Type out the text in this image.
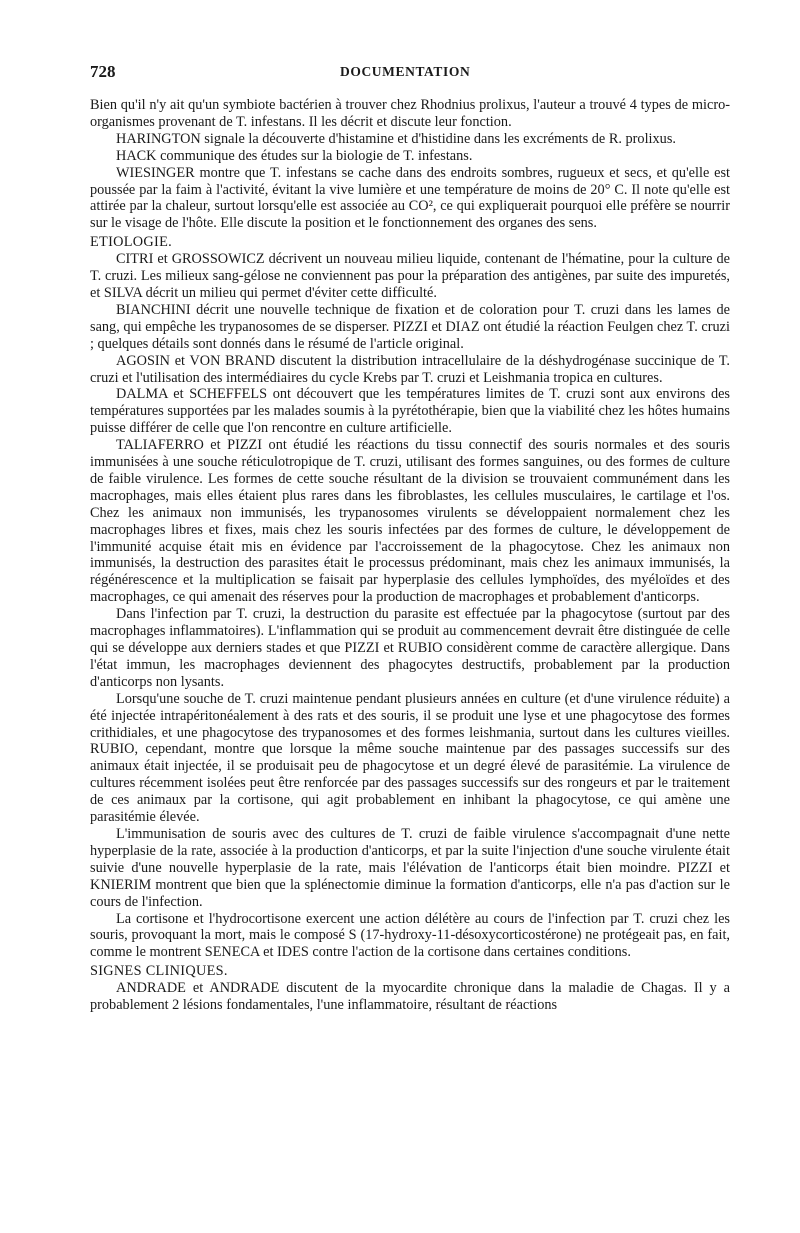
728	DOCUMENTATION

Bien qu'il n'y ait qu'un symbiote bactérien à trouver chez Rhodnius prolixus, l'auteur a trouvé 4 types de micro-organismes provenant de T. infestans. Il les décrit et discute leur fonction.

HARINGTON signale la découverte d'histamine et d'histidine dans les excréments de R. prolixus.

HACK communique des études sur la biologie de T. infestans.

WIESINGER montre que T. infestans se cache dans des endroits sombres, rugueux et secs, et qu'elle est poussée par la faim à l'activité, évitant la vive lumière et une température de moins de 20° C. Il note qu'elle est attirée par la chaleur, surtout lorsqu'elle est associée au CO², ce qui expliquerait pourquoi elle préfère se nourrir sur le visage de l'hôte. Elle discute la position et le fonctionnement des organes des sens.

ETIOLOGIE.

CITRI et GROSSOWICZ décrivent un nouveau milieu liquide, contenant de l'hématine, pour la culture de T. cruzi. Les milieux sang-gélose ne conviennent pas pour la préparation des antigènes, par suite des impuretés, et SILVA décrit un milieu qui permet d'éviter cette difficulté.

BIANCHINI décrit une nouvelle technique de fixation et de coloration pour T. cruzi dans les lames de sang, qui empêche les trypanosomes de se disperser. PIZZI et DIAZ ont étudié la réaction Feulgen chez T. cruzi ; quelques détails sont donnés dans le résumé de l'article original.

AGOSIN et VON BRAND discutent la distribution intracellulaire de la déshydrogénase succinique de T. cruzi et l'utilisation des intermédiaires du cycle Krebs par T. cruzi et Leishmania tropica en cultures.

DALMA et SCHEFFELS ont découvert que les températures limites de T. cruzi sont aux environs des températures supportées par les malades soumis à la pyrétothérapie, bien que la viabilité chez les hôtes humains puisse différer de celle que l'on rencontre en culture artificielle.

TALIAFERRO et PIZZI ont étudié les réactions du tissu connectif des souris normales et des souris immunisées à une souche réticulotropique de T. cruzi, utilisant des formes sanguines, ou des formes de culture de faible virulence. Les formes de cette souche résultant de la division se trouvaient communément dans les macrophages, mais elles étaient plus rares dans les fibroblastes, les cellules musculaires, le cartilage et l'os. Chez les animaux non immunisés, les trypanosomes virulents se développaient normalement chez les macrophages libres et fixes, mais chez les souris infectées par des formes de culture, le développement de l'immunité acquise était mis en évidence par l'accroissement de la phagocytose. Chez les animaux non immunisés, la destruction des parasites était le processus prédominant, mais chez les animaux immunisés, la régénérescence et la multiplication se faisait par hyperplasie des cellules lymphoïdes, des myéloïdes et des macrophages, ce qui amenait des réserves pour la production de macrophages et probablement d'anticorps.

Dans l'infection par T. cruzi, la destruction du parasite est effectuée par la phagocytose (surtout par des macrophages inflammatoires). L'inflammation qui se produit au commencement devrait être distinguée de celle qui se développe aux derniers stades et que PIZZI et RUBIO considèrent comme de caractère allergique. Dans l'état immun, les macrophages deviennent des phagocytes destructifs, probablement par la production d'anticorps non lysants.

Lorsqu'une souche de T. cruzi maintenue pendant plusieurs années en culture (et d'une virulence réduite) a été injectée intrapéritonéalement à des rats et des souris, il se produit une lyse et une phagocytose des formes crithidiales, et une phagocytose des trypanosomes et des formes leishmania, surtout dans les cultures vieilles. RUBIO, cependant, montre que lorsque la même souche maintenue par des passages successifs sur des animaux était injectée, il se produisait peu de phagocytose et un degré élevé de parasitémie. La virulence de cultures récemment isolées peut être renforcée par des passages successifs sur des rongeurs et par le traitement de ces animaux par la cortisone, qui agit probablement en inhibant la phagocytose, ce qui amène une parasitémie élevée.

L'immunisation de souris avec des cultures de T. cruzi de faible virulence s'accompagnait d'une nette hyperplasie de la rate, associée à la production d'anticorps, et par la suite l'injection d'une souche virulente était suivie d'une nouvelle hyperplasie de la rate, mais l'élévation de l'anticorps était bien moindre. PIZZI et KNIERIM montrent que bien que la splénectomie diminue la formation d'anticorps, elle n'a pas d'action sur le cours de l'infection.

La cortisone et l'hydrocortisone exercent une action délétère au cours de l'infection par T. cruzi chez les souris, provoquant la mort, mais le composé S (17-hydroxy-11-désoxycorticostérone) ne protégeait pas, en fait, comme le montrent SENECA et IDES contre l'action de la cortisone dans certaines conditions.

SIGNES CLINIQUES.

ANDRADE et ANDRADE discutent de la myocardite chronique dans la maladie de Chagas. Il y a probablement 2 lésions fondamentales, l'une inflammatoire, résultant de réactions
